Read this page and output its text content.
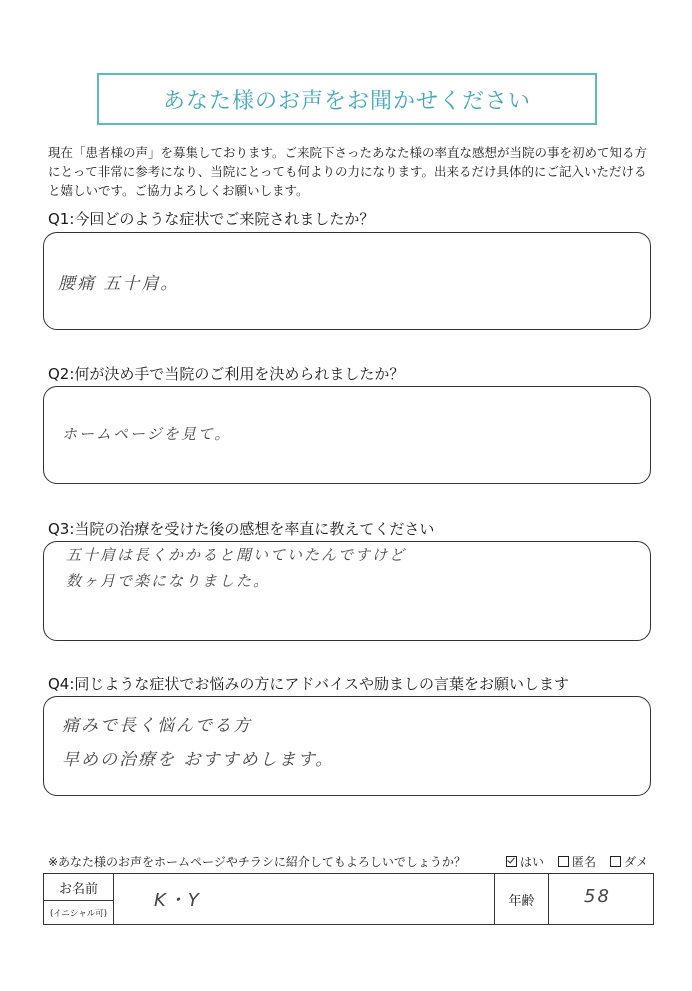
あなた様のお声をお聞かせください

現在「患者様の声」を募集しております。ご来院下さったあなた様の率直な感想が当院の事を初めて知る方にとって非常に参考になり、当院にとっても何よりの力になります。出来るだけ具体的にご記入いただけると嬉しいです。ご協力よろしくお願いします。

Q1:今回どのような症状でご来院されましたか？

腰痛 五十肩。

Q2:何が決め手で当院のご利用を決められましたか？

ホームページを見て。

Q3:当院の治療を受けた後の感想を率直に教えてください

五十肩は長くかかると聞いていたんですけど
数ヶ月で楽になりました。

Q4:同じような症状でお悩みの方にアドバイスや励ましの言葉をお願いします

痛みで長く悩んでる方
早めの治療を おすすめします。
※あなた様のお声をホームページやチラシに紹介してもよろしいでしょうか？	はい 匿名 ダメ
お名前
(イニシャル可)
K・Y	年齢	58
